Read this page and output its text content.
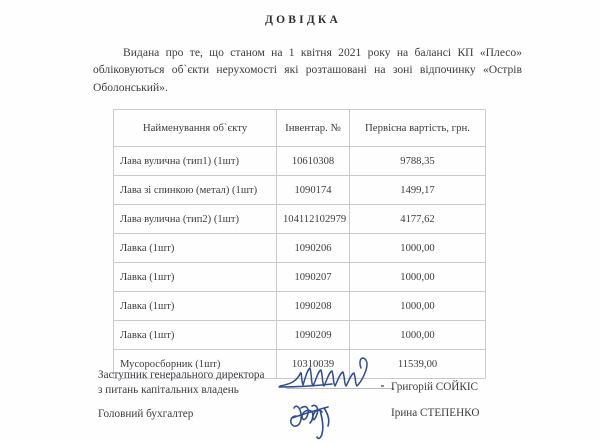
ДОВІДКА

Видана про те, що станом на 1 квітня 2021 року на балансі КП «Плесо» обліковуються об`єкти нерухомості які розташовані на зоні відпочинку «Острів Оболонський».

Найменування об`єкту	Інвентар. №	Первісна вартість, грн.
Лава вулична (тип1) (1шт)	10610308	9788,35
Лава зі спинкою (метал) (1шт)	1090174	1499,17
Лава вулична (тип2) (1шт)	104112102979	4177,62
Лавка (1шт)	1090206	1000,00
Лавка (1шт)	1090207	1000,00
Лавка (1шт)	1090208	1000,00
Лавка (1шт)	1090209	1000,00
Мусоросборник (1шт)	10310039	11539,00
Заступник генерального директора
з питань капітальних владень	Григорій СОЙКІС
Головний бухгалтер	Ірина СТЕПЕНКО
